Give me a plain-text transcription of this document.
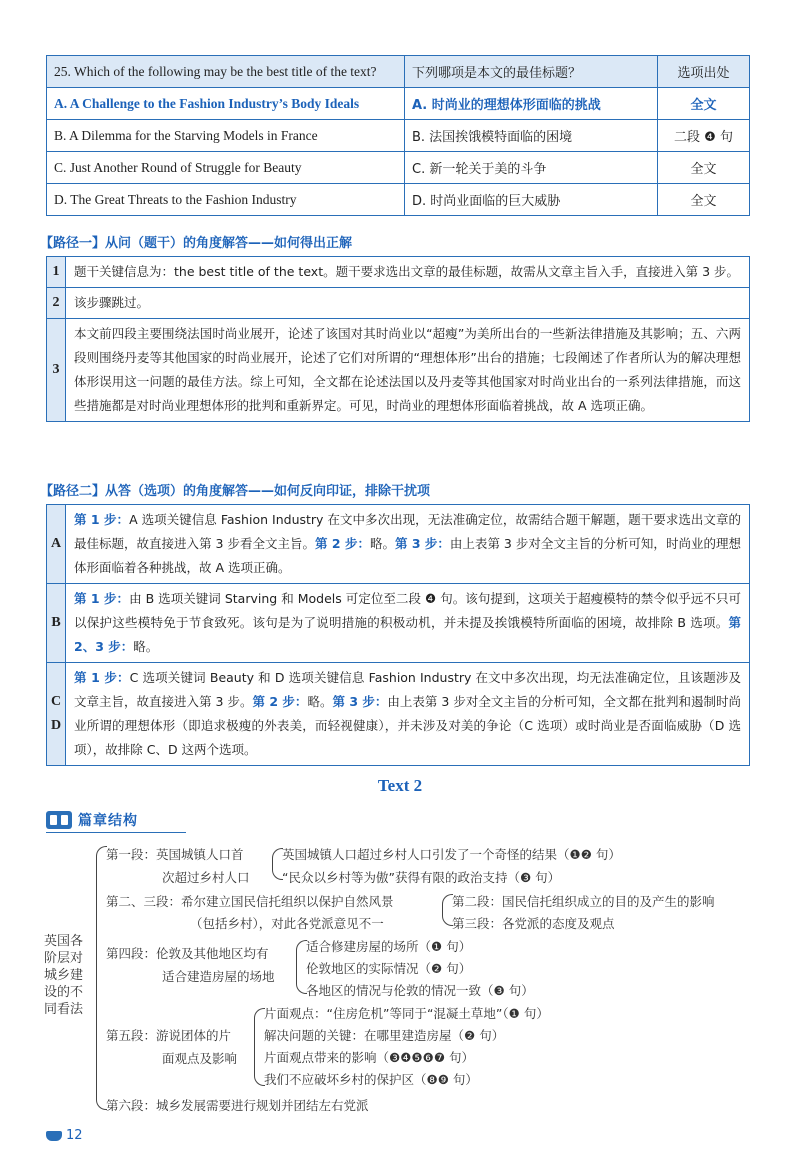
25. Which of the following may be the best title of the text?	下列哪项是本文的最佳标题？	选项出处
A. A Challenge to the Fashion Industry’s Body Ideals	A. 时尚业的理想体形面临的挑战	全文
B. A Dilemma for the Starving Models in France	B. 法国挨饿模特面临的困境	二段 ❹ 句
C. Just Another Round of Struggle for Beauty	C. 新一轮关于美的斗争	全文
D. The Great Threats to the Fashion Industry	D. 时尚业面临的巨大威胁	全文
【路径一】从问（题干）的角度解答——如何得出正解
1	题干关键信息为：the best title of the text。题干要求选出文章的最佳标题，故需从文章主旨入手，直接进入第 3 步。
2	该步骤跳过。
3	本文前四段主要围绕法国时尚业展开，论述了该国对其时尚业以“超瘦”为美所出台的一些新法律措施及其影响；五、六两段则围绕丹麦等其他国家的时尚业展开，论述了它们对所谓的“理想体形”出台的措施；七段阐述了作者所认为的解决理想体形误用这一问题的最佳方法。综上可知，全文都在论述法国以及丹麦等其他国家对时尚业出台的一系列法律措施，而这些措施都是对时尚业理想体形的批判和重新界定。可见，时尚业的理想体形面临着挑战，故 A 选项正确。
【路径二】从答（选项）的角度解答——如何反向印证，排除干扰项
A	第 1 步：A 选项关键信息 Fashion Industry 在文中多次出现，无法准确定位，故需结合题干解题，题干要求选出文章的最佳标题，故直接进入第 3 步看全文主旨。第 2 步：略。第 3 步：由上表第 3 步对全文主旨的分析可知，时尚业的理想体形面临着各种挑战，故 A 选项正确。
B	第 1 步：由 B 选项关键词 Starving 和 Models 可定位至二段 ❹ 句。该句提到，这项关于超瘦模特的禁令似乎远不只可以保护这些模特免于节食致死。该句是为了说明措施的积极动机，并未提及挨饿模特所面临的困境，故排除 B 选项。第 2、3 步：略。
C D	第 1 步：C 选项关键词 Beauty 和 D 选项关键信息 Fashion Industry 在文中多次出现，均无法准确定位，且该题涉及文章主旨，故直接进入第 3 步。第 2 步：略。第 3 步：由上表第 3 步对全文主旨的分析可知，全文都在批判和遏制时尚业所谓的理想体形（即追求极瘦的外表美，而轻视健康），并未涉及对美的争论（C 选项）或时尚业是否面临威胁（D 选项），故排除 C、D 这两个选项。
Text 2
篇章结构
英国各阶层对城乡建设的不同看法
第一段：英国城镇人口首
次超过乡村人口
英国城镇人口超过乡村人口引发了一个奇怪的结果（❶❷ 句）
“民众以乡村等为傲”获得有限的政治支持（❸ 句）
第二、三段：希尔建立国民信托组织以保护自然风景
（包括乡村），对此各党派意见不一
第二段：国民信托组织成立的目的及产生的影响
第三段：各党派的态度及观点
第四段：伦敦及其他地区均有
适合建造房屋的场地
适合修建房屋的场所（❶ 句）
伦敦地区的实际情况（❷ 句）
各地区的情况与伦敦的情况一致（❸ 句）
第五段：游说团体的片
面观点及影响
片面观点：“住房危机”等同于“混凝土草地”（❶ 句）
解决问题的关键：在哪里建造房屋（❷ 句）
片面观点带来的影响（❸❹❺❻❼ 句）
我们不应破坏乡村的保护区（❽❾ 句）
第六段：城乡发展需要进行规划并团结左右党派
12
